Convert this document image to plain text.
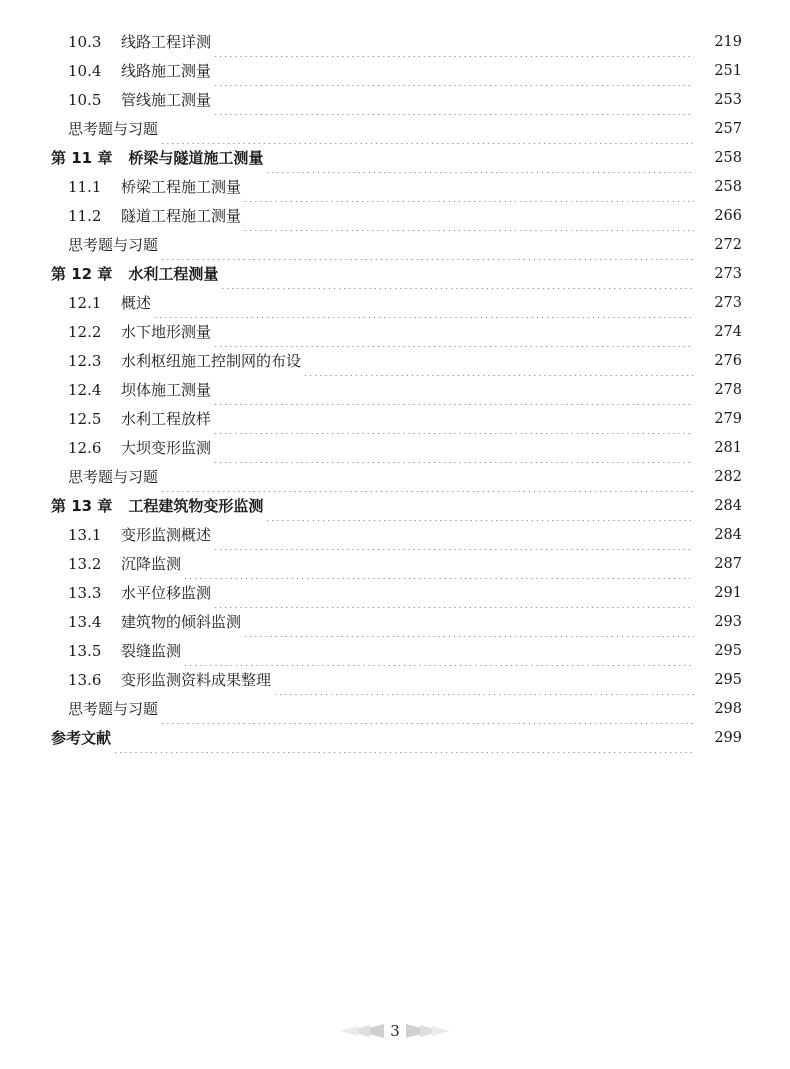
10.3 线路工程详测	219
10.4 线路施工测量	251
10.5 管线施工测量	253
思考题与习题	257
第 11 章 桥梁与隧道施工测量	258
11.1 桥梁工程施工测量	258
11.2 隧道工程施工测量	266
思考题与习题	272
第 12 章 水利工程测量	273
12.1 概述	273
12.2 水下地形测量	274
12.3 水利枢纽施工控制网的布设	276
12.4 坝体施工测量	278
12.5 水利工程放样	279
12.6 大坝变形监测	281
思考题与习题	282
第 13 章 工程建筑物变形监测	284
13.1 变形监测概述	284
13.2 沉降监测	287
13.3 水平位移监测	291
13.4 建筑物的倾斜监测	293
13.5 裂缝监测	295
13.6 变形监测资料成果整理	295
思考题与习题	298
参考文献	299
3
